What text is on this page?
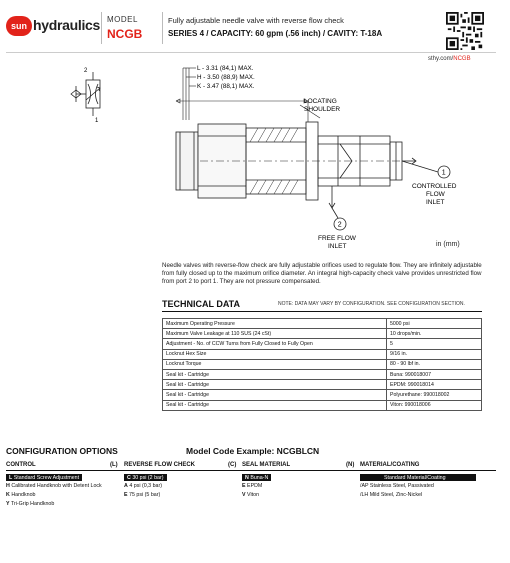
sun hydraulics MODEL
NCGB
Fully adjustable needle valve with reverse flow check
SERIES 4 / CAPACITY: 60 gpm (.56 inch) / CAVITY: T-18A
sthy.com/NCGB
2
1
L - 3.31 (84,1) MAX.
H - 3.50 (88,9) MAX.
K - 3.47 (88,1) MAX.
LOCATING
SHOULDER
1
2
CONTROLLED
FLOW
INLET
FREE FLOW
INLET	in (mm)
Needle valves with reverse-flow check are fully adjustable orifices used to regulate flow. They are infinitely adjustable from fully closed up to the maximum orifice diameter. An integral high-capacity check valve provides unrestricted flow from port 2 to port 1. They are not pressure compensated.
TECHNICAL DATA	NOTE: DATA MAY VARY BY CONFIGURATION. SEE CONFIGURATION SECTION.
Maximum Operating Pressure	5000 psi
Maximum Valve Leakage at 110 SUS (24 cSt)	10 drops/min.
Adjustment - No. of CCW Turns from Fully Closed to Fully Open	5
Locknut Hex Size	9/16 in.
Locknut Torque	80 - 90 lbf in.
Seal kit - Cartridge	Buna: 990018007
Seal kit - Cartridge	EPDM: 990018014
Seal kit - Cartridge	Polyurethane: 990018002
Seal kit - Cartridge	Viton: 990018006
CONFIGURATION OPTIONS	Model Code Example: NCGBLCN
CONTROL	(L) REVERSE FLOW CHECK	(C) SEAL MATERIAL	(N) MATERIAL/COATING
L Standard Screw Adjustment
H Calibrated Handknob with Detent Lock
K Handknob
Y Tri-Grip Handknob
C 30 psi (2 bar)
A 4 psi (0,3 bar)
E 75 psi (5 bar)
N Buna-N
E EPDM
V Viton
Standard Material/Coating
/AP Stainless Steel, Passivated
/LH Mild Steel, Zinc-Nickel
